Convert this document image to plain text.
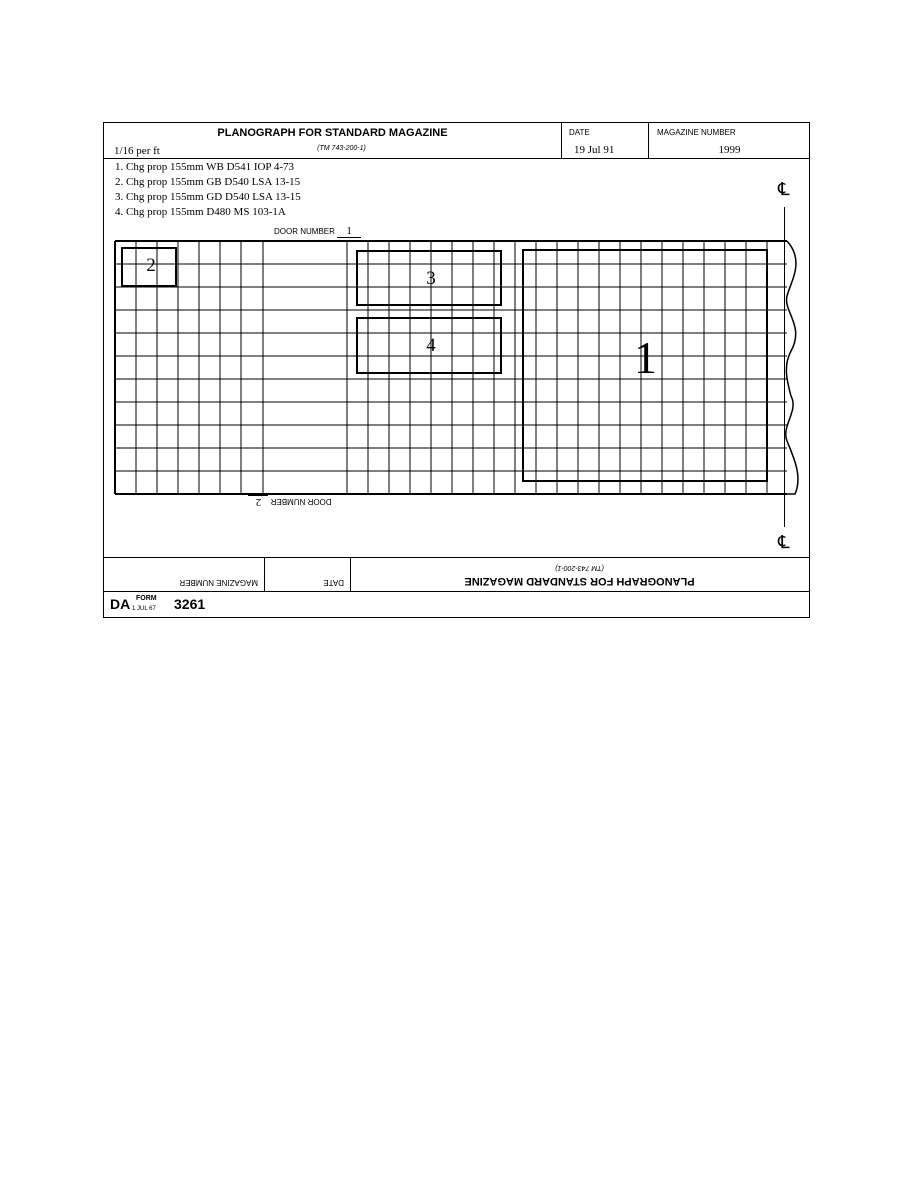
PLANOGRAPH FOR STANDARD MAGAZINE
1/16 per ft	(TM 743-200-1)
DATE
19 Jul 91
MAGAZINE NUMBER
1999
1. Chg prop 155mm WB D541 IOP 4-73
2. Chg prop 155mm GB D540 LSA 13-15
3. Chg prop 155mm GD D540 LSA 13-15
4. Chg prop 155mm D480 MS 103-1A
DOOR NUMBER 1
℄
℄
2
3
4	1
DOOR NUMBER 2
PLANOGRAPH FOR STANDARD MAGAZINE
(TM 743-200-1)
DATE
MAGAZINE NUMBER
DA FORM
1 JUL 67 3261
